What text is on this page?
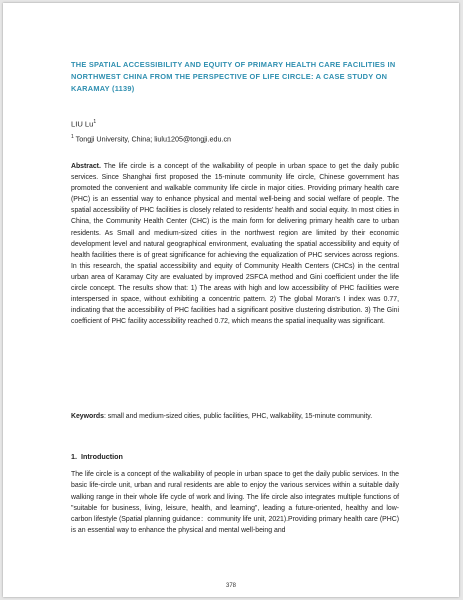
THE SPATIAL ACCESSIBILITY AND EQUITY OF PRIMARY HEALTH CARE FACILITIES IN NORTHWEST CHINA FROM THE PERSPECTIVE OF LIFE CIRCLE: A CASE STUDY ON KARAMAY (1139)
LIU Lu$^1$
$^1$ Tongji University, China; liulu1205@tongji.edu.cn
Abstract. The life circle is a concept of the walkability of people in urban space to get the daily public services. Since Shanghai first proposed the 15-minute community life circle, Chinese government has promoted the convenient and walkable community life circle in major cities. Providing primary health care (PHC) is an essential way to enhance physical and mental well-being and social welfare of people. The spatial accessibility of PHC facilities is closely related to residents' health and social equity. In most cities in China, the Community Health Center (CHC) is the main form for delivering primary health care to urban residents. As Small and medium-sized cities in the northwest region are limited by their economic development level and natural geographical environment, evaluating the spatial accessibility and equity of health facilities there is of great significance for achieving the equalization of PHC services across regions. In this research, the spatial accessibility and equity of Community Health Centers (CHCs) in the central urban area of Karamay City are evaluated by improved 2SFCA method and Gini coefficient under the life circle concept. The results show that: 1) The areas with high and low accessibility of PHC facilities were interspersed in space, without exhibiting a concentric pattern. 2) The global Moran's I index was 0.77, indicating that the accessibility of PHC facilities had a significant positive clustering distribution. 3) The Gini coefficient of PHC facility accessibility reached 0.72, which means the spatial inequality was significant.
Keywords: small and medium-sized cities, public facilities, PHC, walkability, 15-minute community.
1.  Introduction
The life circle is a concept of the walkability of people in urban space to get the daily public services. In the basic life-circle unit, urban and rural residents are able to enjoy the various services within a suitable daily walking range in their whole life cycle of work and living. The life circle also integrates multiple functions of "suitable for business, living, leisure, health, and learning", leading a future-oriented, healthy and low-carbon lifestyle (Spatial planning guidance：community life unit, 2021).Providing primary health care (PHC) is an essential way to enhance the physical and mental well-being and
378
